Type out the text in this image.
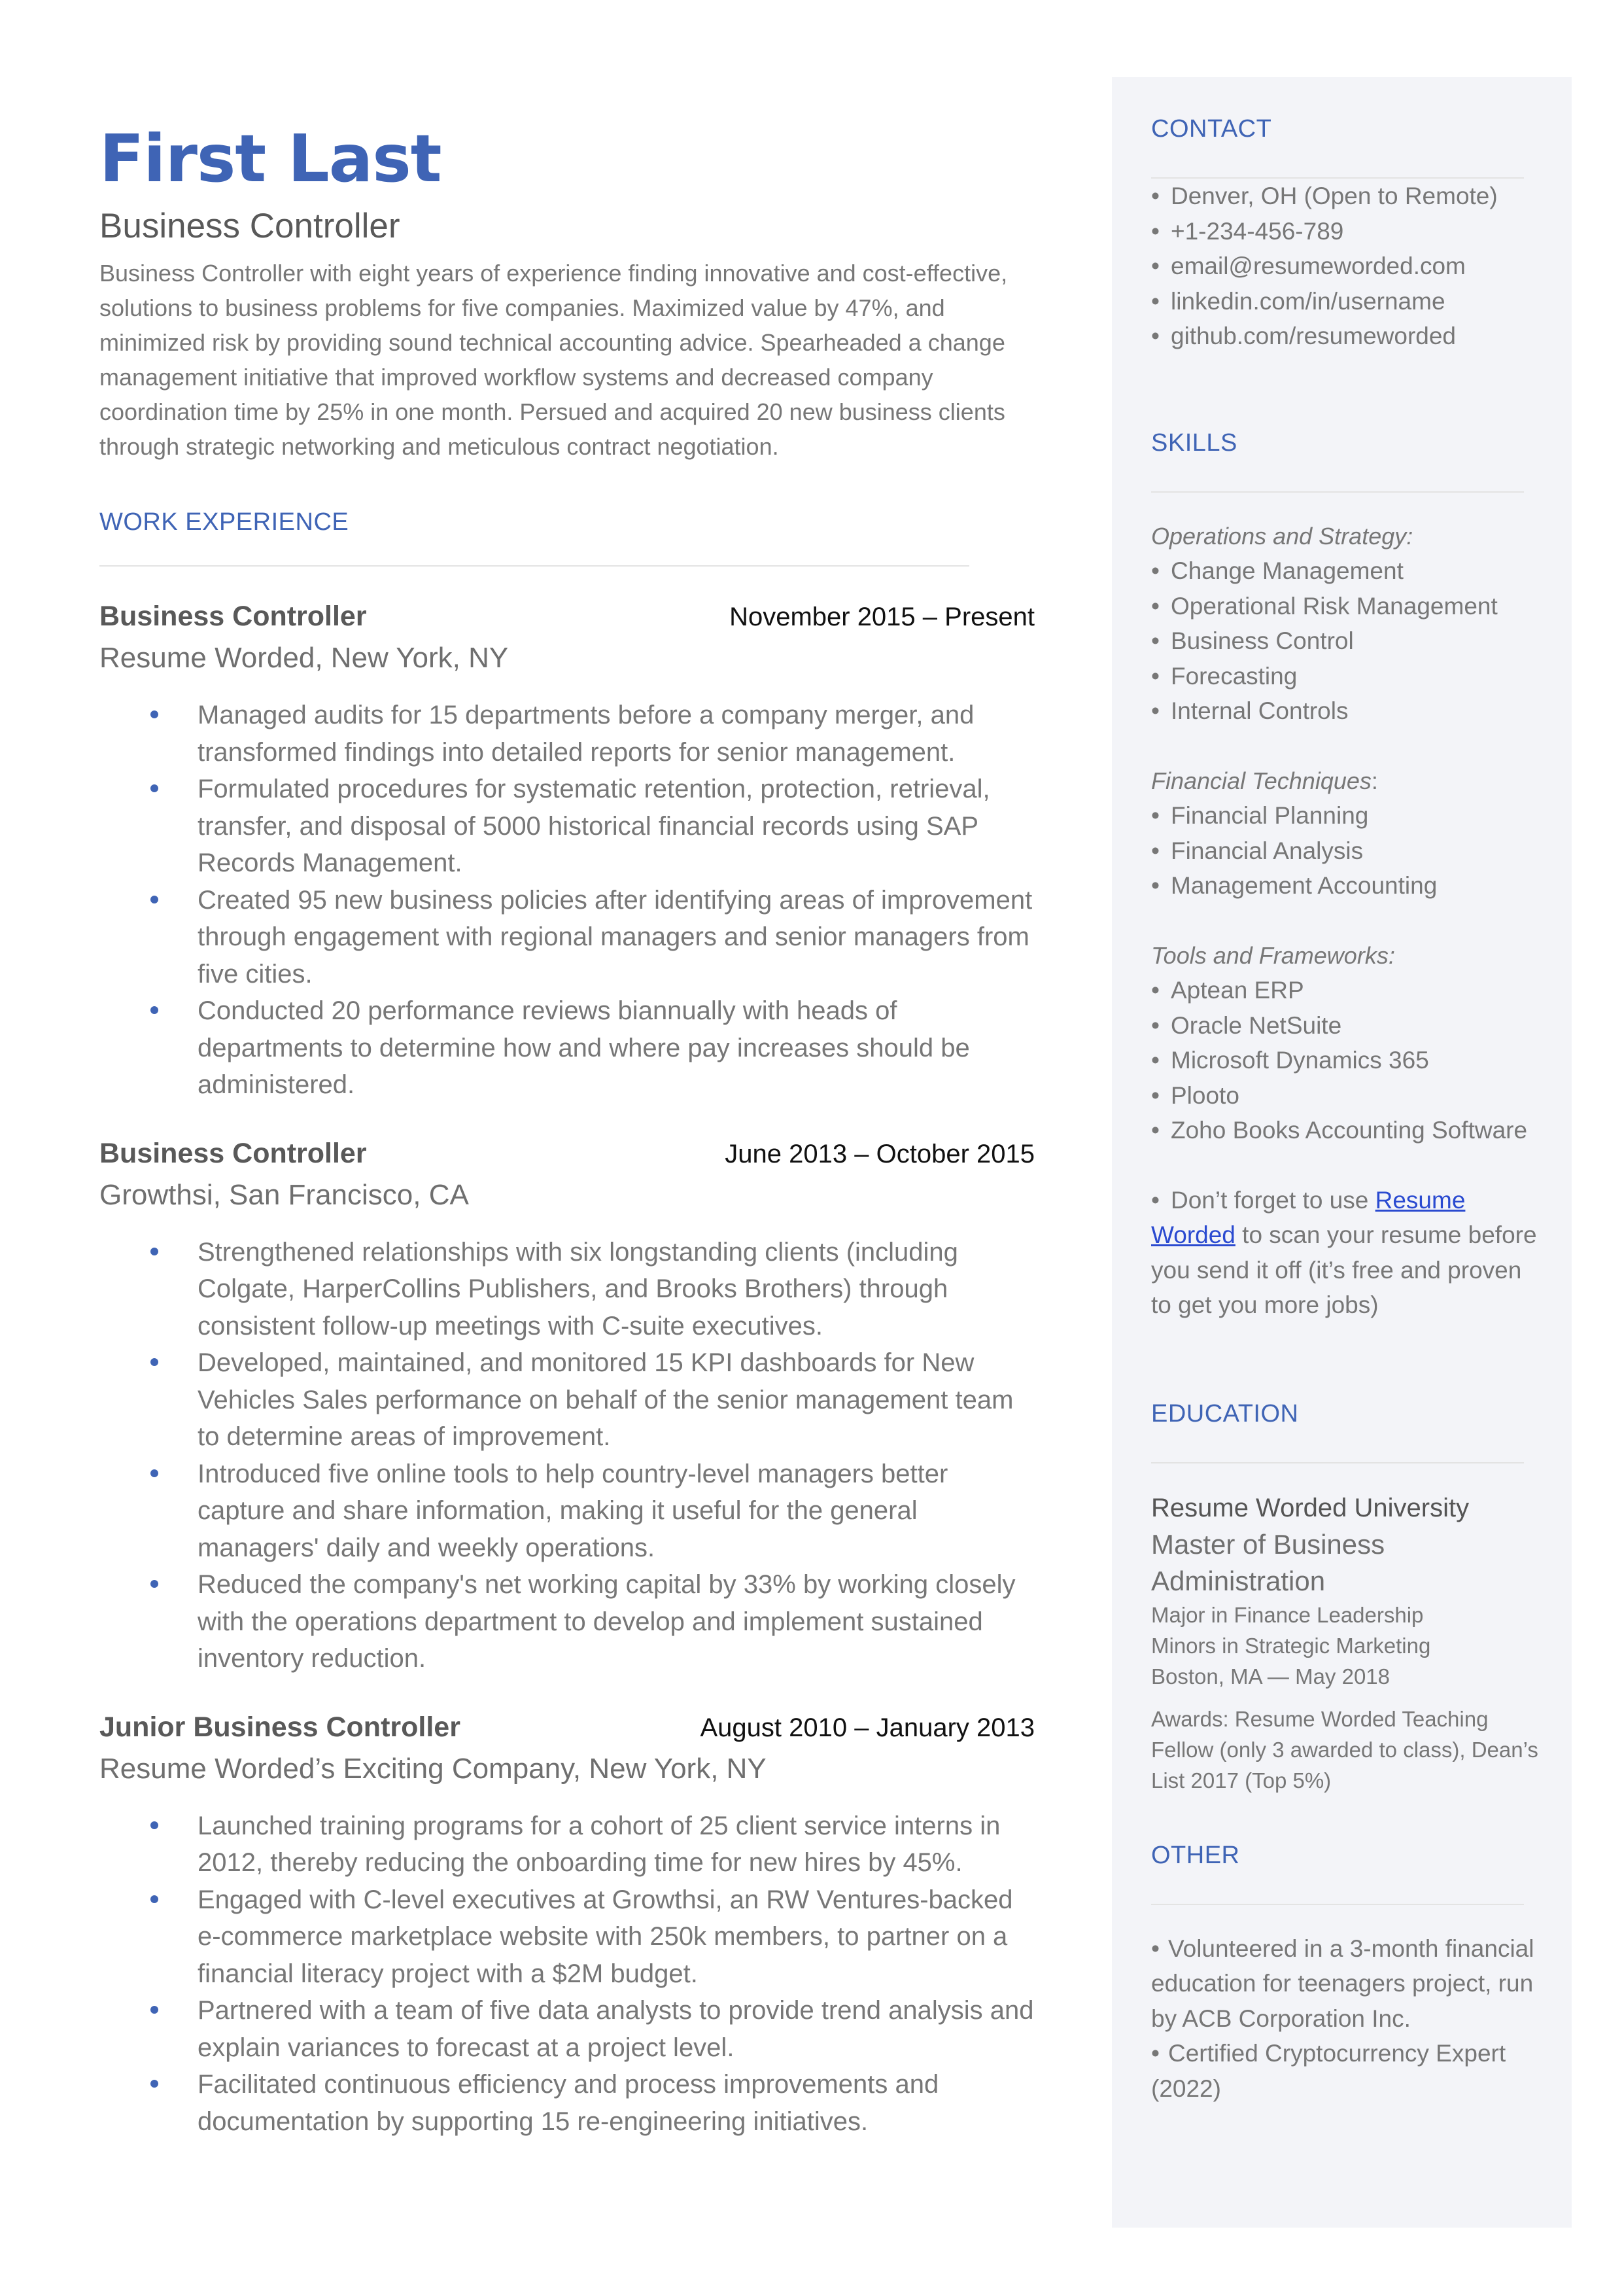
First Last
Business Controller
Business Controller with eight years of experience finding innovative and cost-effective, solutions to business problems for five companies. Maximized value by 47%, and minimized risk by providing sound technical accounting advice. Spearheaded a change management initiative that improved workflow systems and decreased company coordination time by 25% in one month. Persued and acquired 20 new business clients through strategic networking and meticulous contract negotiation.
WORK EXPERIENCE
Business Controller	November 2015 – Present
Resume Worded, New York, NY
Managed audits for 15 departments before a company merger, and transformed findings into detailed reports for senior management.
Formulated procedures for systematic retention, protection, retrieval, transfer, and disposal of 5000 historical financial records using SAP Records Management.
Created 95 new business policies after identifying areas of improvement through engagement with regional managers and senior managers from five cities.
Conducted 20 performance reviews biannually with heads of departments to determine how and where pay increases should be administered.
Business Controller	June 2013 – October 2015
Growthsi, San Francisco, CA
Strengthened relationships with six longstanding clients (including Colgate, HarperCollins Publishers, and Brooks Brothers) through consistent follow-up meetings with C-suite executives.
Developed, maintained, and monitored 15 KPI dashboards for New Vehicles Sales performance on behalf of the senior management team to determine areas of improvement.
Introduced five online tools to help country-level managers better capture and share information, making it useful for the general managers' daily and weekly operations.
Reduced the company's net working capital by 33% by working closely with the operations department to develop and implement sustained inventory reduction.
Junior Business Controller	August 2010 – January 2013
Resume Worded’s Exciting Company, New York, NY
Launched training programs for a cohort of 25 client service interns in 2012, thereby reducing the onboarding time for new hires by 45%.
Engaged with C-level executives at Growthsi, an RW Ventures-backed e-commerce marketplace website with 250k members, to partner on a financial literacy project with a $2M budget.
Partnered with a team of five data analysts to provide trend analysis and explain variances to forecast at a project level.
Facilitated continuous efficiency and process improvements and documentation by supporting 15 re-engineering initiatives.
CONTACT
• Denver, OH (Open to Remote)
• +1-234-456-789
• email@resumeworded.com
• linkedin.com/in/username
• github.com/resumeworded
SKILLS
Operations and Strategy:
• Change Management
• Operational Risk Management
• Business Control
• Forecasting
• Internal Controls
Financial Techniques:
• Financial Planning
• Financial Analysis
• Management Accounting
Tools and Frameworks:
• Aptean ERP
• Oracle NetSuite
• Microsoft Dynamics 365
• Plooto
• Zoho Books Accounting Software
• Don’t forget to use Resume Worded to scan your resume before you send it off (it’s free and proven to get you more jobs)
EDUCATION
Resume Worded University
Master of Business Administration
Major in Finance Leadership
Minors in Strategic Marketing
Boston, MA — May 2018
Awards: Resume Worded Teaching Fellow (only 3 awarded to class), Dean’s List 2017 (Top 5%)
OTHER
• Volunteered in a 3-month financial education for teenagers project, run by ACB Corporation Inc.
• Certified Cryptocurrency Expert (2022)
